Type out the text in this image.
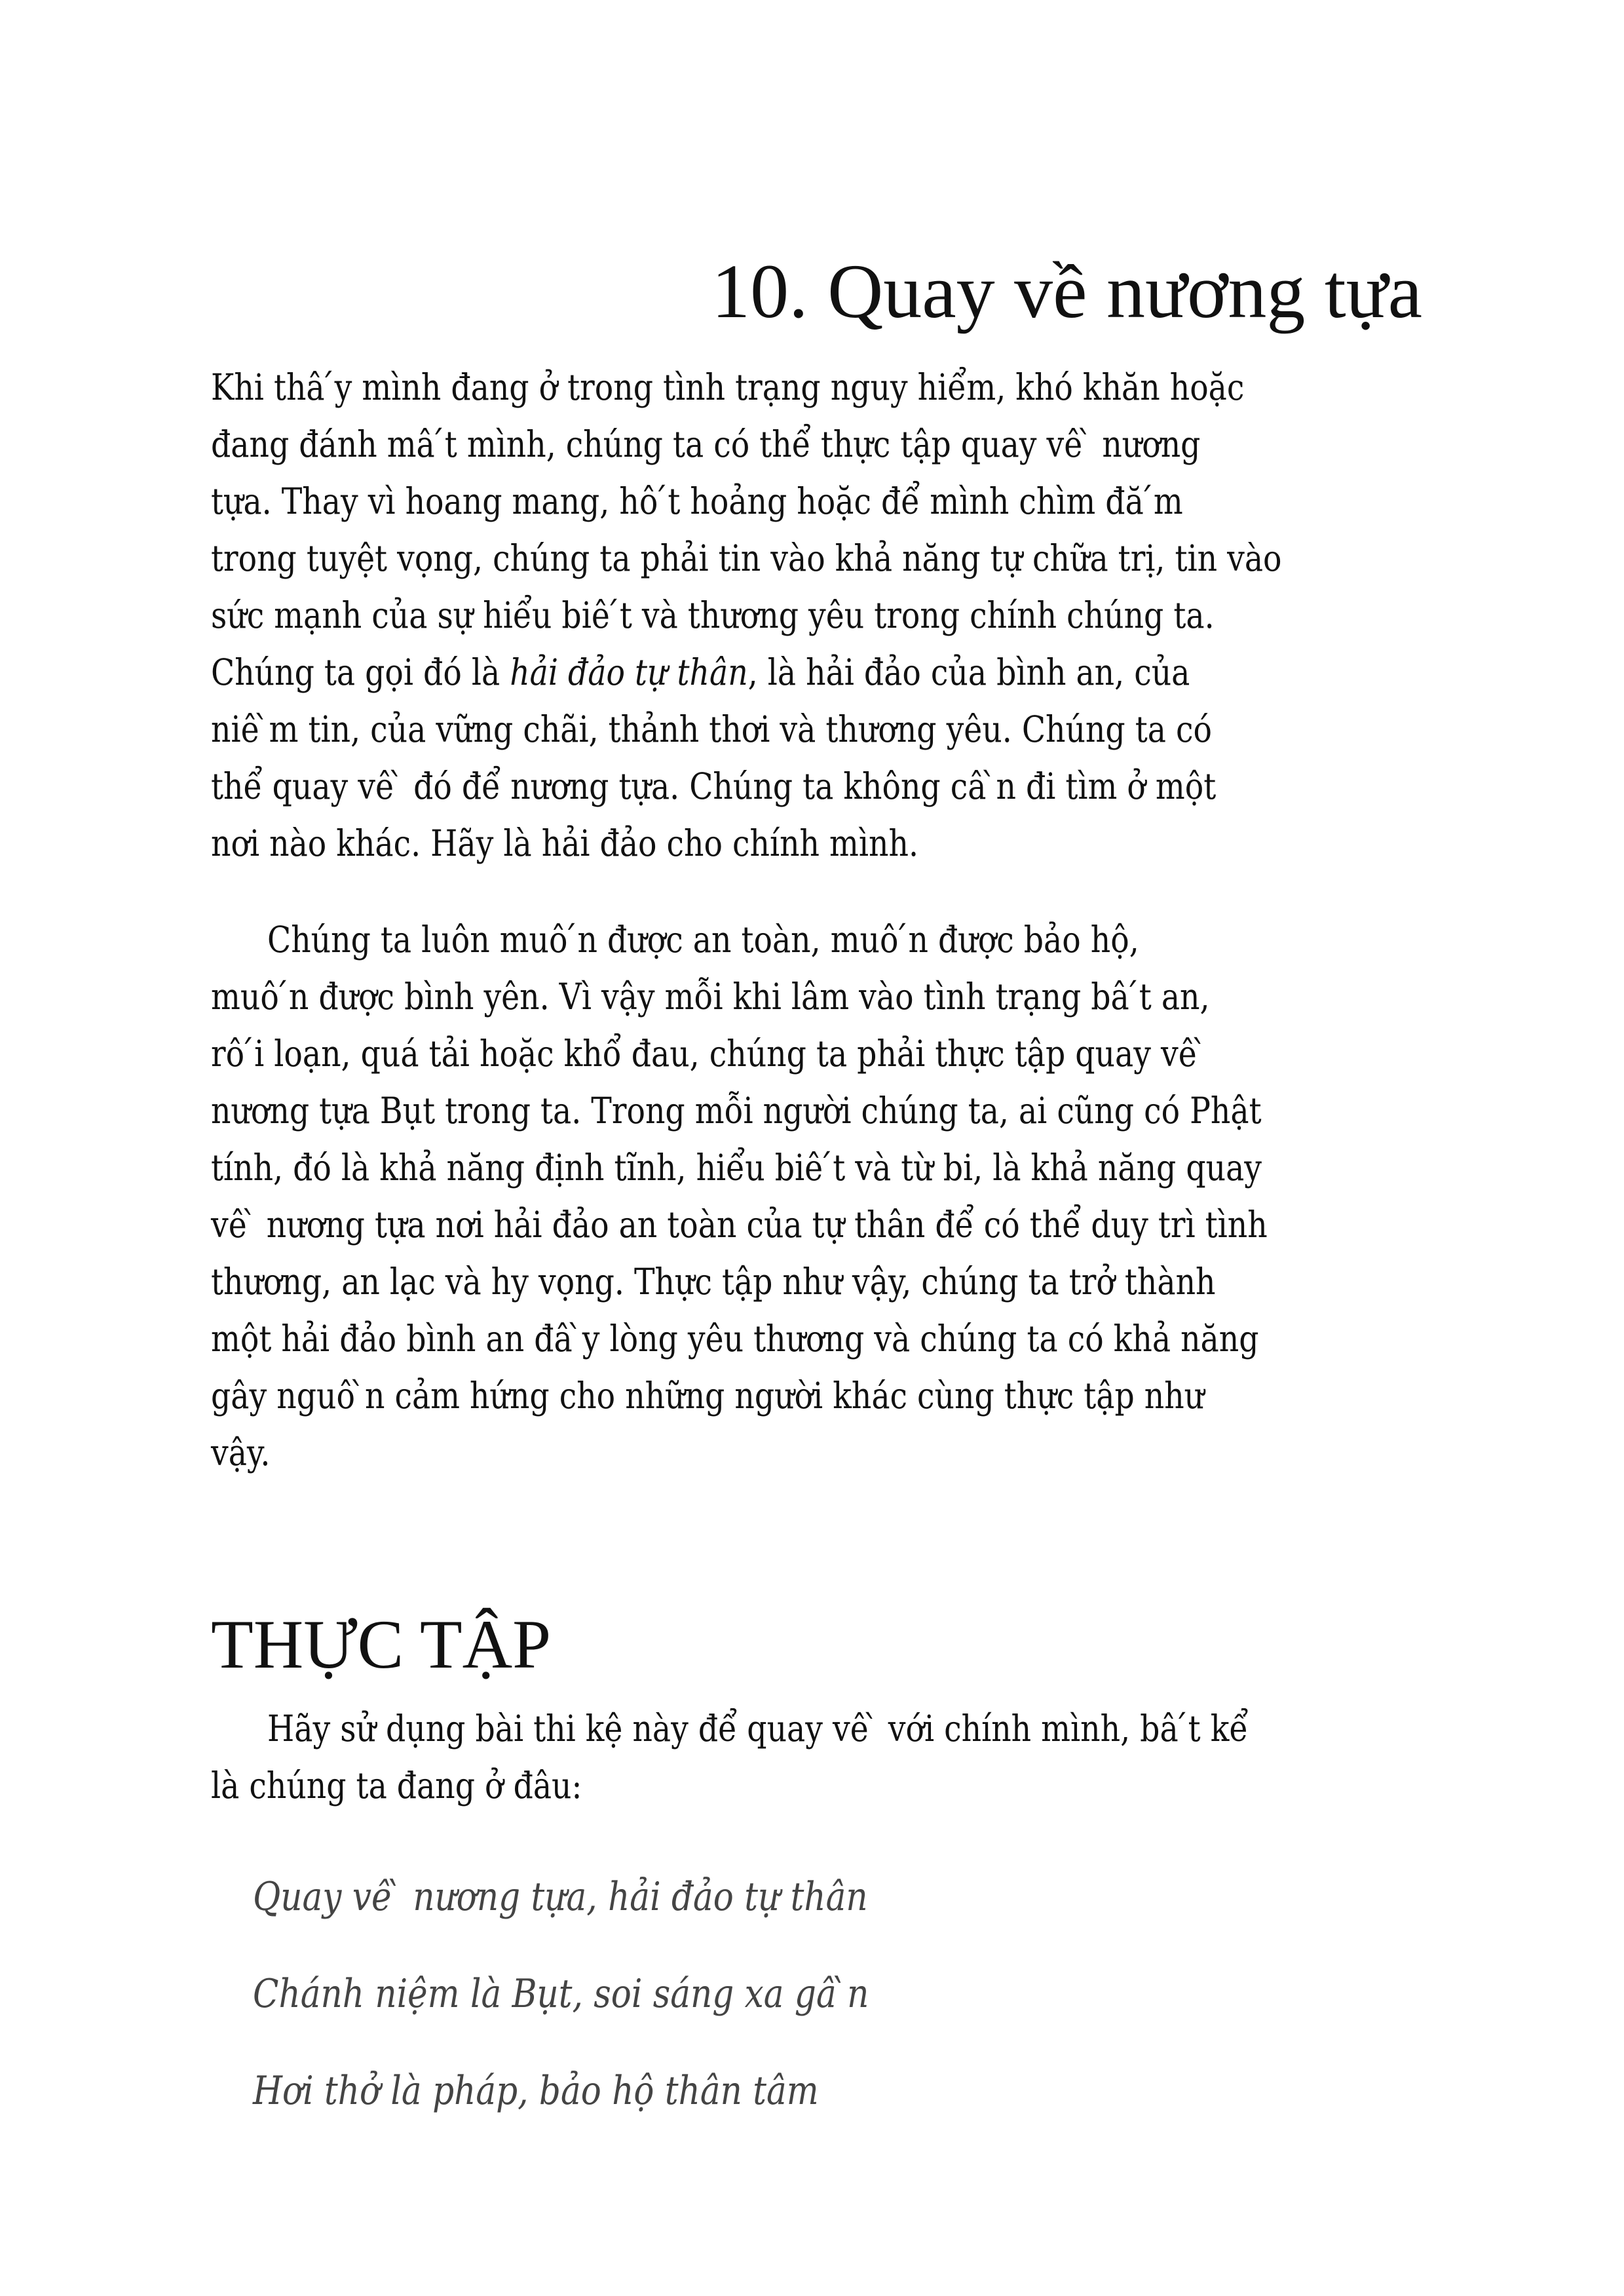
10. Quay về nương tựa
Khi thâ ́y mình đang ở trong tình trạng nguy hiểm, khó khăn hoặc
đang đánh mâ ́t mình, chúng ta có thể thực tập quay vê ̀ nương
tựa. Thay vì hoang mang, hô ́t hoảng hoặc để mình chìm đă ́m
trong tuyệt vọng, chúng ta phải tin vào khả năng tự chữa trị, tin vào
sức mạnh của sự hiểu biê ́t và thương yêu trong chính chúng ta.
Chúng ta gọi đó là hải đảo tự thân, là hải đảo của bình an, của
niê ̀m tin, của vững chãi, thảnh thơi và thương yêu. Chúng ta có
thể quay vê ̀ đó để nương tựa. Chúng ta không câ ̀n đi tìm ở một
nơi nào khác. Hãy là hải đảo cho chính mình.
Chúng ta luôn muô ́n được an toàn, muô ́n được bảo hộ,
muô ́n được bình yên. Vì vậy mỗi khi lâm vào tình trạng bâ ́t an,
rô ́i loạn, quá tải hoặc khổ đau, chúng ta phải thực tập quay vê ̀
nương tựa Bụt trong ta. Trong mỗi người chúng ta, ai cũng có Phật
tính, đó là khả năng định tĩnh, hiểu biê ́t và từ bi, là khả năng quay
vê ̀ nương tựa nơi hải đảo an toàn của tự thân để có thể duy trì tình
thương, an lạc và hy vọng. Thực tập như vậy, chúng ta trở thành
một hải đảo bình an đâ ̀y lòng yêu thương và chúng ta có khả năng
gây nguô ̀n cảm hứng cho những người khác cùng thực tập như
vậy.
THỰC TẬP
Hãy sử dụng bài thi kệ này để quay vê ̀ với chính mình, bâ ́t kể
là chúng ta đang ở đâu:
Quay vê ̀ nương tựa, hải đảo tự thân
Chánh niệm là Bụt, soi sáng xa gâ ̀n
Hơi thở là pháp, bảo hộ thân tâm
